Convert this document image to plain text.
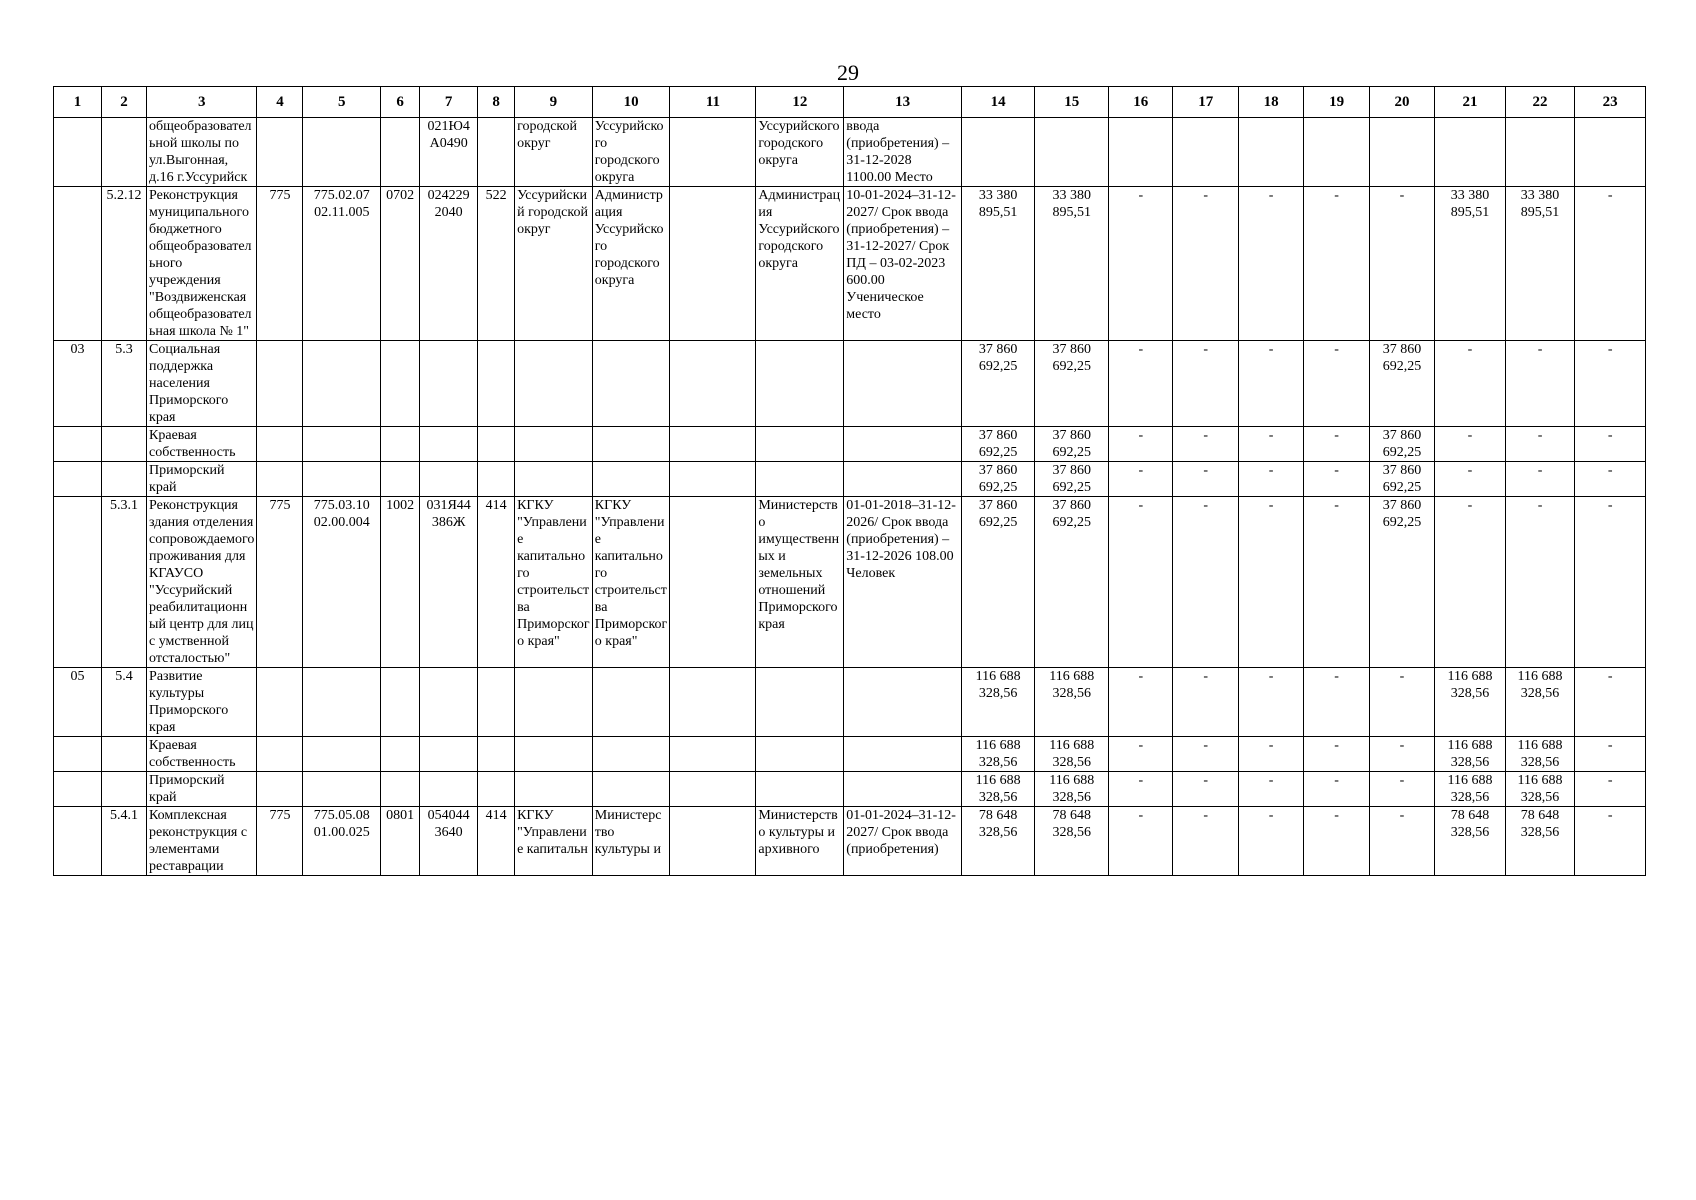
29
1	2	3	4	5	6	7	8	9	10	11	12	13	14	15	16	17	18	19	20	21	22	23
		общеобразовательной школы по ул.Выгонная, д.16 г.Уссурийск				021Ю4 А0490		городской округ	Уссурийского городского округа		Уссурийского городского округа	ввода (приобретения) – 31-12-2028 1100.00 Место										
	5.2.12	Реконструкция муниципального бюджетного общеобразовательного учреждения "Воздвиженская общеобразовательная школа № 1"	775	775.02.07 02.11.005	0702	024229 2040	522	Уссурийский городской округ	Администрация Уссурийского городского округа		Администрация Уссурийского городского округа	10-01-2024–31-12-2027/ Срок ввода (приобретения) – 31-12-2027/ Срок ПД – 03-02-2023 600.00 Ученическое место	33 380 895,51	33 380 895,51	-	-	-	-	-	33 380 895,51	33 380 895,51	-
03	5.3	Социальная поддержка населения Приморского края											37 860 692,25	37 860 692,25	-	-	-	-	37 860 692,25	-	-	-
		Краевая собственность											37 860 692,25	37 860 692,25	-	-	-	-	37 860 692,25	-	-	-
		Приморский край											37 860 692,25	37 860 692,25	-	-	-	-	37 860 692,25	-	-	-
	5.3.1	Реконструкция здания отделения сопровождаемого проживания для КГАУСО "Уссурийский реабилитационный центр для лиц с умственной отсталостью"	775	775.03.10 02.00.004	1002	031Я44 386Ж	414	КГКУ "Управление капитального строительства Приморского края"	КГКУ "Управление капитального строительства Приморского края"		Министерство имущественных и земельных отношений Приморского края	01-01-2018–31-12-2026/ Срок ввода (приобретения) – 31-12-2026 108.00 Человек	37 860 692,25	37 860 692,25	-	-	-	-	37 860 692,25	-	-	-
05	5.4	Развитие культуры Приморского края											116 688 328,56	116 688 328,56	-	-	-	-	-	116 688 328,56	116 688 328,56	-
		Краевая собственность											116 688 328,56	116 688 328,56	-	-	-	-	-	116 688 328,56	116 688 328,56	-
		Приморский край											116 688 328,56	116 688 328,56	-	-	-	-	-	116 688 328,56	116 688 328,56	-
	5.4.1	Комплексная реконструкция с элементами реставрации	775	775.05.08 01.00.025	0801	054044 3640	414	КГКУ "Управление капитальн	Министерство культуры и		Министерство культуры и архивного	01-01-2024–31-12-2027/ Срок ввода (приобретения)	78 648 328,56	78 648 328,56	-	-	-	-	-	78 648 328,56	78 648 328,56	-
